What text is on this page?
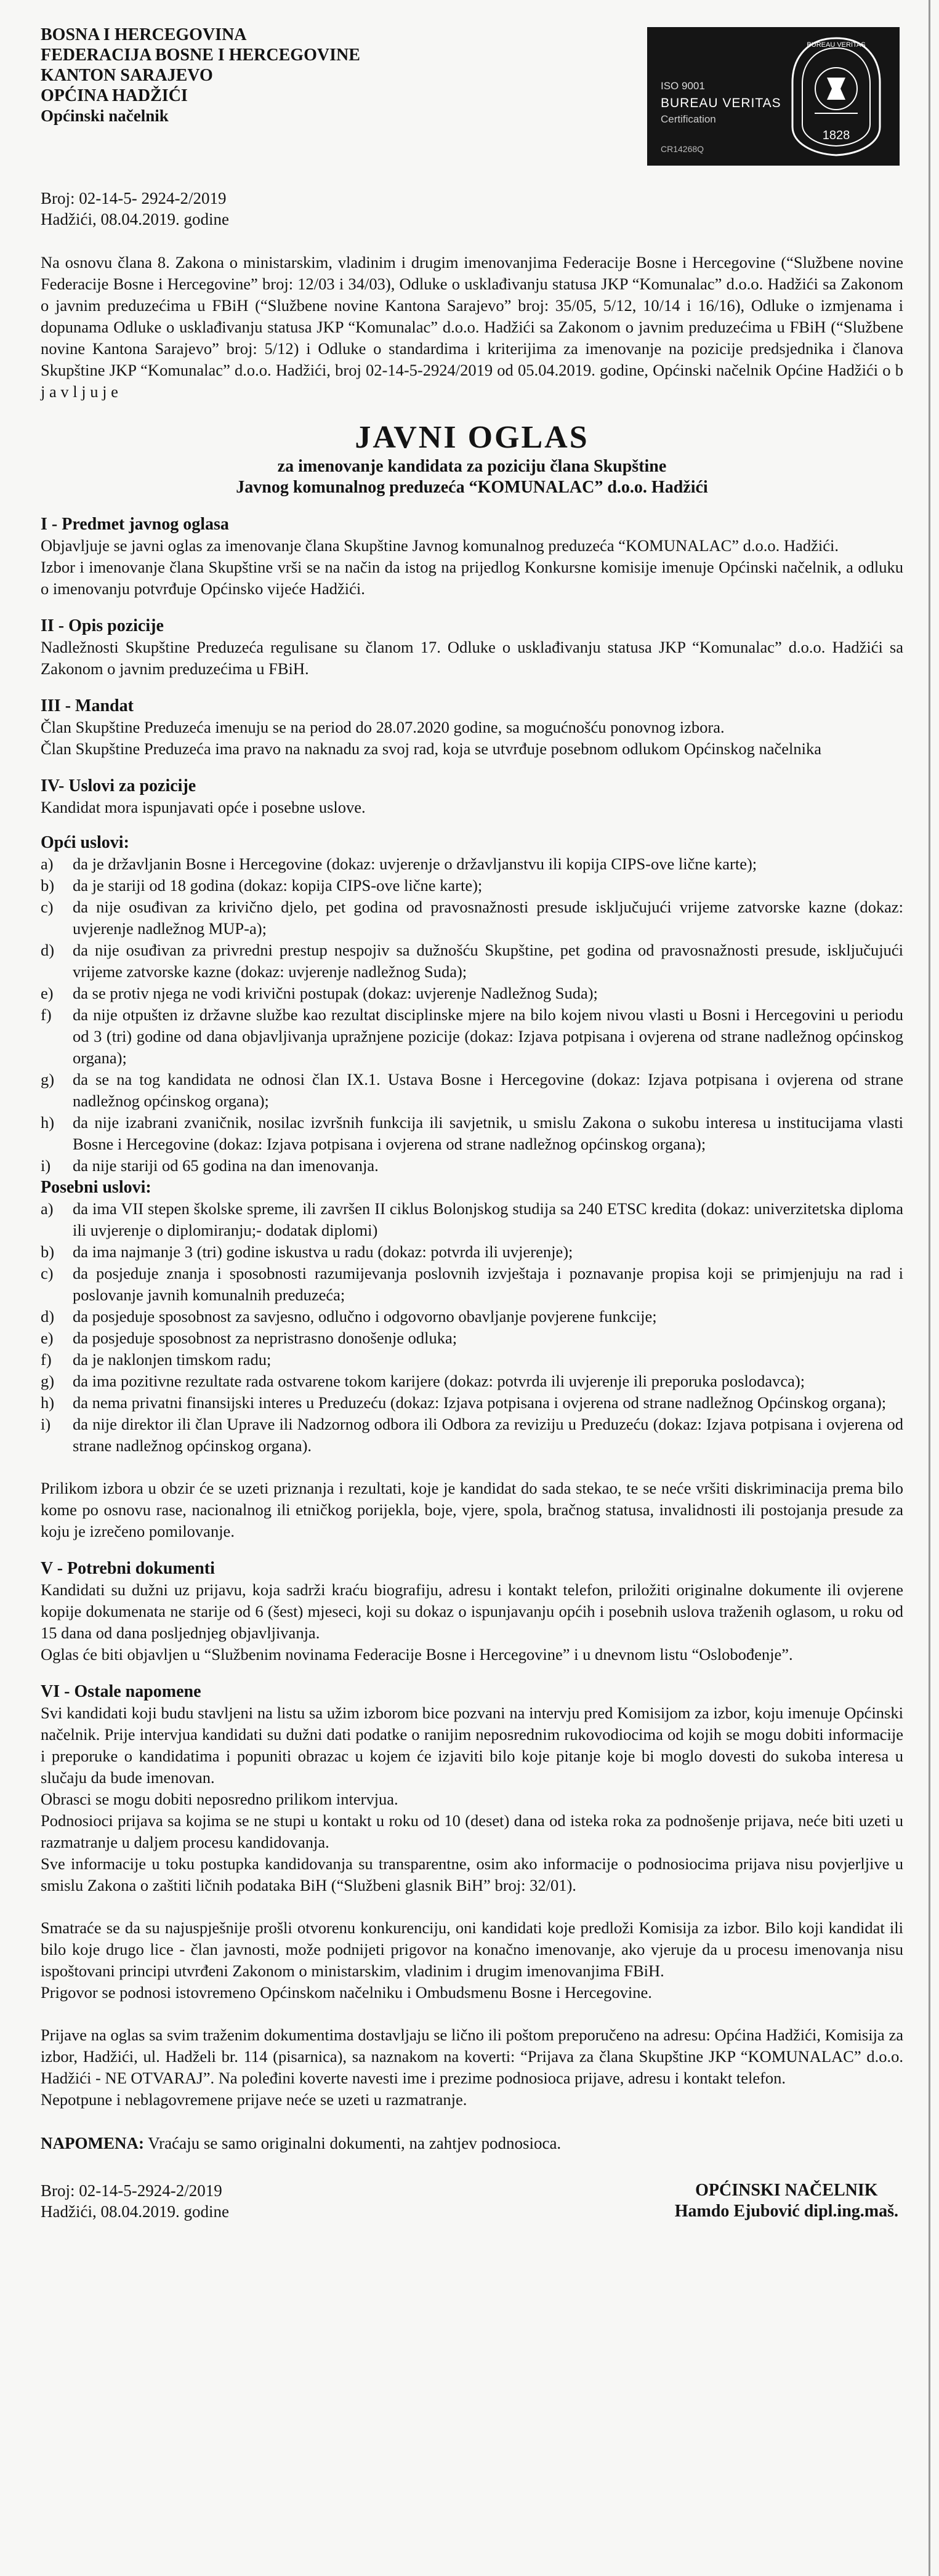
BOSNA I HERCEGOVINA
FEDERACIJA BOSNE I HERCEGOVINE
KANTON SARAJEVO
OPĆINA HADŽIĆI
Općinski načelnik
ISO 9001
BUREAU VERITAS
Certification
CR14268Q
1828
BUREAU VERITAS
Broj: 02-14-5- 2924-2/2019
Hadžići, 08.04.2019. godine

Na osnovu člana 8. Zakona o ministarskim, vladinim i drugim imenovanjima Federacije Bosne i Hercegovine (“Službene novine Federacije Bosne i Hercegovine” broj: 12/03 i 34/03), Odluke o usklađivanju statusa JKP “Komunalac” d.o.o. Hadžići sa Zakonom o javnim preduzećima u FBiH (“Službene novine Kantona Sarajevo” broj: 35/05, 5/12, 10/14 i 16/16), Odluke o izmjenama i dopunama Odluke o usklađivanju statusa JKP “Komunalac” d.o.o. Hadžići sa Zakonom o javnim preduzećima u FBiH (“Službene novine Kantona Sarajevo” broj: 5/12) i Odluke o standardima i kriterijima za imenovanje na pozicije predsjednika i članova Skupštine JKP “Komunalac” d.o.o. Hadžići, broj 02-14-5-2924/2019 od 05.04.2019. godine, Općinski načelnik Općine Hadžići o b j a v l j u j e

JAVNI OGLAS
za imenovanje kandidata za poziciju člana Skupštine
Javnog komunalnog preduzeća “KOMUNALAC” d.o.o. Hadžići
I - Predmet javnog oglasa

Objavljuje se javni oglas za imenovanje člana Skupštine Javnog komunalnog preduzeća “KOMUNALAC” d.o.o. Hadžići.

Izbor i imenovanje člana Skupštine vrši se na način da istog na prijedlog Konkursne komisije imenuje Općinski načelnik, a odluku o imenovanju potvrđuje Općinsko vijeće Hadžići.

II - Opis pozicije

Nadležnosti Skupštine Preduzeća regulisane su članom 17. Odluke o usklađivanju statusa JKP “Komunalac” d.o.o. Hadžići sa Zakonom o javnim preduzećima u FBiH.

III - Mandat

Član Skupštine Preduzeća imenuju se na period do 28.07.2020 godine, sa mogućnošću ponovnog izbora.

Član Skupštine Preduzeća ima pravo na naknadu za svoj rad, koja se utvrđuje posebnom odlukom Općinskog načelnika

IV- Uslovi za pozicije

Kandidat mora ispunjavati opće i posebne uslove.

Opći uslovi:
a)	da je državljanin Bosne i Hercegovine (dokaz: uvjerenje o državljanstvu ili kopija CIPS-ove lične karte);
b)	da je stariji od 18 godina (dokaz: kopija CIPS-ove lične karte);
c)	da nije osuđivan za krivično djelo, pet godina od pravosnažnosti presude isključujući vrijeme zatvorske kazne (dokaz: uvjerenje nadležnog MUP-a);
d)	da nije osuđivan za privredni prestup nespojiv sa dužnošću Skupštine, pet godina od pravosnažnosti presude, isključujući vrijeme zatvorske kazne (dokaz: uvjerenje nadležnog Suda);
e)	da se protiv njega ne vodi krivični postupak (dokaz: uvjerenje Nadležnog Suda);
f)	da nije otpušten iz državne službe kao rezultat disciplinske mjere na bilo kojem nivou vlasti u Bosni i Hercegovini u periodu od 3 (tri) godine od dana objavljivanja upražnjene pozicije (dokaz: Izjava potpisana i ovjerena od strane nadležnog općinskog organa);
g)	da se na tog kandidata ne odnosi član IX.1. Ustava Bosne i Hercegovine (dokaz: Izjava potpisana i ovjerena od strane nadležnog općinskog organa);
h)	da nije izabrani zvaničnik, nosilac izvršnih funkcija ili savjetnik, u smislu Zakona o sukobu interesa u institucijama vlasti Bosne i Hercegovine (dokaz: Izjava potpisana i ovjerena od strane nadležnog općinskog organa);
i)	da nije stariji od 65 godina na dan imenovanja.
Posebni uslovi:
a)	da ima VII stepen školske spreme, ili završen II ciklus Bolonjskog studija sa 240 ETSC kredita (dokaz: univerzitetska diploma ili uvjerenje o diplomiranju;- dodatak diplomi)
b)	da ima najmanje 3 (tri) godine iskustva u radu (dokaz: potvrda ili uvjerenje);
c)	da posjeduje znanja i sposobnosti razumijevanja poslovnih izvještaja i poznavanje propisa koji se primjenjuju na rad i poslovanje javnih komunalnih preduzeća;
d)	da posjeduje sposobnost za savjesno, odlučno i odgovorno obavljanje povjerene funkcije;
e)	da posjeduje sposobnost za nepristrasno donošenje odluka;
f)	da je naklonjen timskom radu;
g)	da ima pozitivne rezultate rada ostvarene tokom karijere (dokaz: potvrda ili uvjerenje ili preporuka poslodavca);
h)	da nema privatni finansijski interes u Preduzeću (dokaz: Izjava potpisana i ovjerena od strane nadležnog Općinskog organa);
i)	da nije direktor ili član Uprave ili Nadzornog odbora ili Odbora za reviziju u Preduzeću (dokaz: Izjava potpisana i ovjerena od strane nadležnog općinskog organa).

Prilikom izbora u obzir će se uzeti priznanja i rezultati, koje je kandidat do sada stekao, te se neće vršiti diskriminacija prema bilo kome po osnovu rase, nacionalnog ili etničkog porijekla, boje, vjere, spola, bračnog statusa, invalidnosti ili postojanja presude za koju je izrečeno pomilovanje.

V - Potrebni dokumenti

Kandidati su dužni uz prijavu, koja sadrži kraću biografiju, adresu i kontakt telefon, priložiti originalne dokumente ili ovjerene kopije dokumenata ne starije od 6 (šest) mjeseci, koji su dokaz o ispunjavanju općih i posebnih uslova traženih oglasom, u roku od 15 dana od dana posljednjeg objavljivanja.

Oglas će biti objavljen u “Službenim novinama Federacije Bosne i Hercegovine” i u dnevnom listu “Oslobođenje”.

VI - Ostale napomene

Svi kandidati koji budu stavljeni na listu sa užim izborom bice pozvani na intervju pred Komisijom za izbor, koju imenuje Općinski načelnik. Prije intervjua kandidati su dužni dati podatke o ranijim neposrednim rukovodiocima od kojih se mogu dobiti informacije i preporuke o kandidatima i popuniti obrazac u kojem će izjaviti bilo koje pitanje koje bi moglo dovesti do sukoba interesa u slučaju da bude imenovan.

Obrasci se mogu dobiti neposredno prilikom intervjua.

Podnosioci prijava sa kojima se ne stupi u kontakt u roku od 10 (deset) dana od isteka roka za podnošenje prijava, neće biti uzeti u razmatranje u daljem procesu kandidovanja.

Sve informacije u toku postupka kandidovanja su transparentne, osim ako informacije o podnosiocima prijava nisu povjerljive u smislu Zakona o zaštiti ličnih podataka BiH (“Službeni glasnik BiH” broj: 32/01).

Smatraće se da su najuspješnije prošli otvorenu konkurenciju, oni kandidati koje predloži Komisija za izbor. Bilo koji kandidat ili bilo koje drugo lice - član javnosti, može podnijeti prigovor na konačno imenovanje, ako vjeruje da u procesu imenovanja nisu ispoštovani principi utvrđeni Zakonom o ministarskim, vladinim i drugim imenovanjima FBiH.

Prigovor se podnosi istovremeno Općinskom načelniku i Ombudsmenu Bosne i Hercegovine.

Prijave na oglas sa svim traženim dokumentima dostavljaju se lično ili poštom preporučeno na adresu: Općina Hadžići, Komisija za izbor, Hadžići, ul. Hadželi br. 114 (pisarnica), sa naznakom na koverti: “Prijava za člana Skupštine JKP “KOMUNALAC” d.o.o. Hadžići - NE OTVARAJ”. Na poleđini koverte navesti ime i prezime podnosioca prijave, adresu i kontakt telefon.

Nepotpune i neblagovremene prijave neće se uzeti u razmatranje.

NAPOMENA: Vraćaju se samo originalni dokumenti, na zahtjev podnosioca.
Broj: 02-14-5-2924-2/2019
Hadžići, 08.04.2019. godine
OPĆINSKI NAČELNIK
Hamdo Ejubović dipl.ing.maš.
